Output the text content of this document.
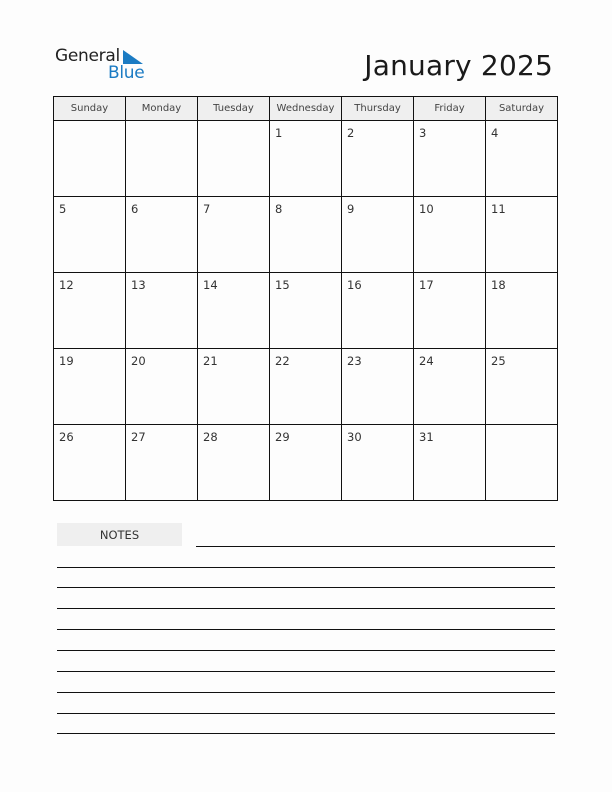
General
Blue	January 2025
Sunday	Monday	Tuesday	Wednesday	Thursday	Friday	Saturday

			1	2	3	4

5	6	7	8	9	10	11

12	13	14	15	16	17	18

19	20	21	22	23	24	25

26	27	28	29	30	31	

NOTES
